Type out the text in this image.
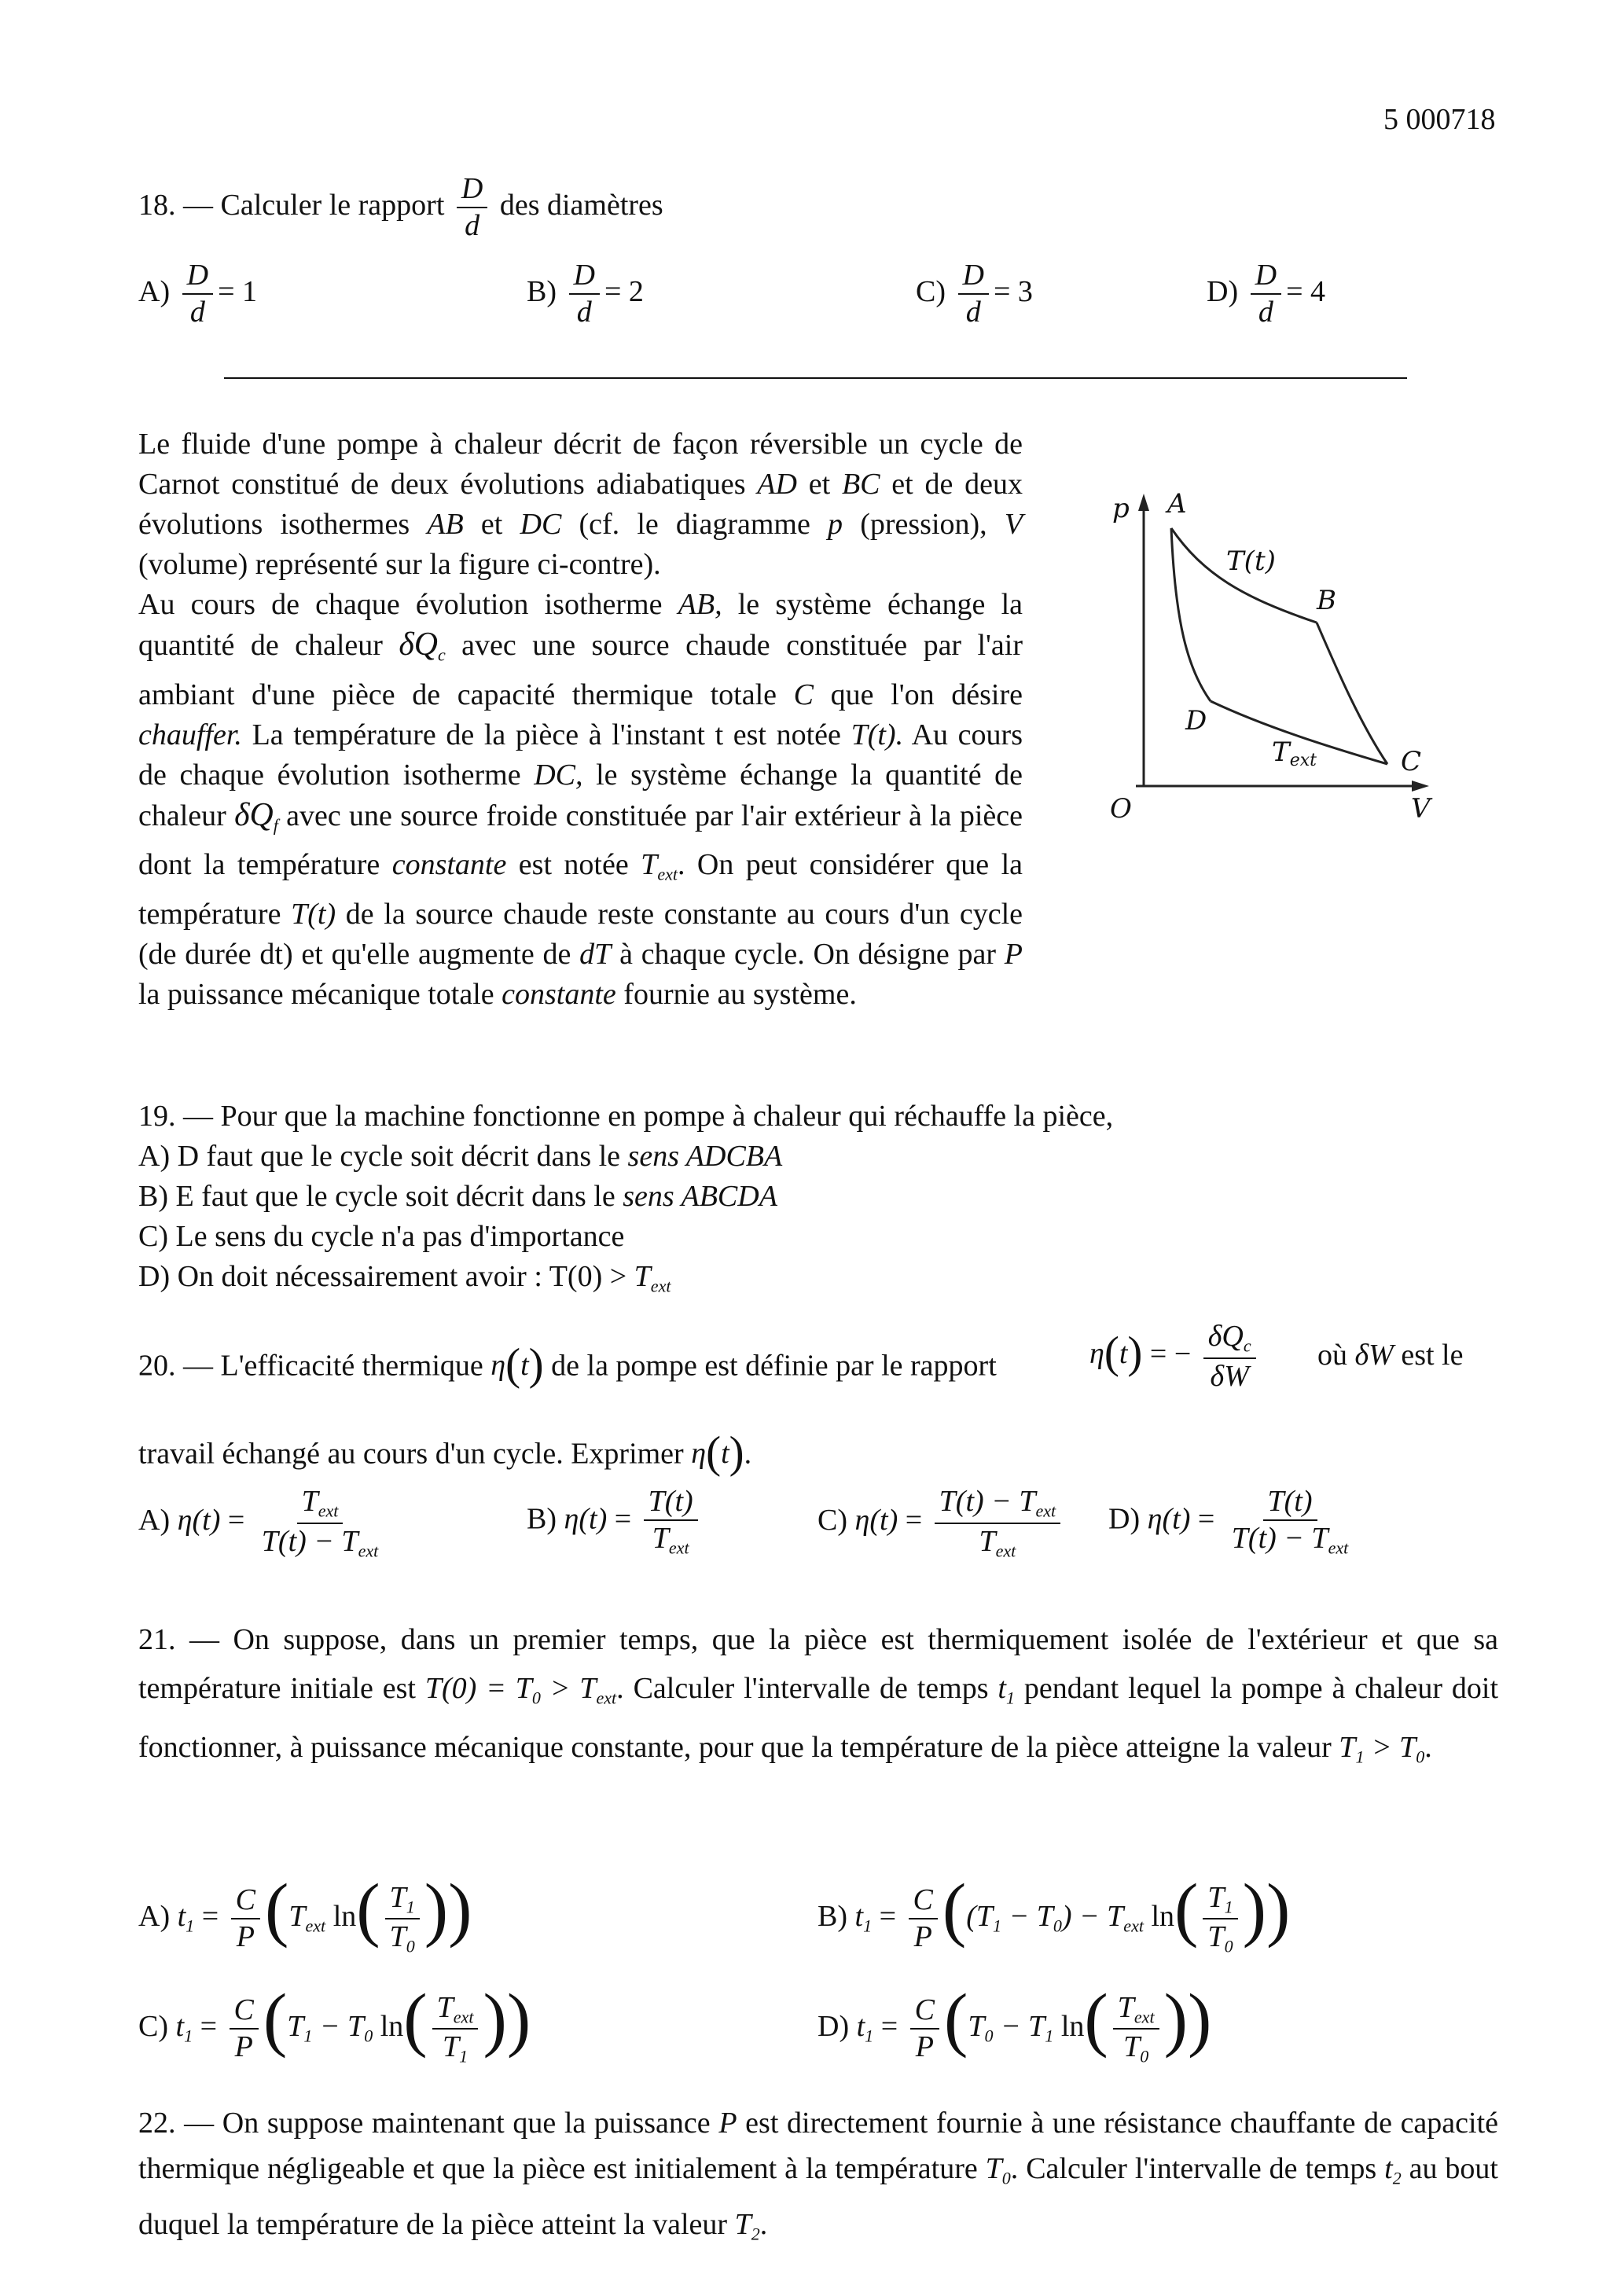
5 000718
18. — Calculer le rapport $\frac{D}{d}$ des diamètres
$A) \frac{D}{d} = 1$	$B) \frac{D}{d} = 2$	$C) \frac{D}{d} = 3$	$D) \frac{D}{d} = 4$
Le fluide d'une pompe à chaleur décrit de façon réversible un cycle de Carnot constitué de deux évolutions adiabatiques AD et BC et de deux évolutions isothermes AB et DC (cf. le diagramme p (pression), V (volume) représenté sur la figure ci-contre).
Au cours de chaque évolution isotherme AB, le système échange la quantité de chaleur $\delta Q_c$ avec une source chaude constituée par l'air ambiant d'une pièce de capacité thermique totale C que l'on désire chauffer. La température de la pièce à l'instant t est notée T(t). Au cours de chaque évolution isotherme DC, le système échange la quantité de chaleur $\delta Q_f$ avec une source froide constituée par l'air extérieur à la pièce dont la température constante est notée $T_{ext}$. On peut considérer que la température T(t) de la source chaude reste constante au cours d'un cycle (de durée dt) et qu'elle augmente de dT à chaque cycle. On désigne par P la puissance mécanique totale constante fournie au système.
p A
T(t)
B
D
Text	C
O	V
19. — Pour que la machine fonctionne en pompe à chaleur qui réchauffe la pièce,
A) D faut que le cycle soit décrit dans le sens ADCBA
B) E faut que le cycle soit décrit dans le sens ABCDA
C) Le sens du cycle n'a pas d'importance
D) On doit nécessairement avoir : $T(0) > T_{ext}$
20. — L'efficacité thermique η(t) de la pompe est définie par le rapport	η(t) = − $\frac{\delta Q_c}{\delta W}$ où δW est le
travail échangé au cours d'un cycle. Exprimer η(t).
A) $\eta(t) = \frac{T_{ext}}{T(t) - T_{ext}}$	B) $\eta(t) = \frac{T(t)}{T_{ext}}$	C) $\eta(t) = \frac{T(t) - T_{ext}}{T_{ext}} D$) $\eta(t) = \frac{T(t)}{T(t) - T_{ext}}$
21. — On suppose, dans un premier temps, que la pièce est thermiquement isolée de l'extérieur et que sa température initiale est $T(0) = T_0 > T_{ext}$. Calculer l'intervalle de temps $t_1$ pendant lequel la pompe à chaleur doit fonctionner, à puissance mécanique constante, pour que la température de la pièce atteigne la valeur $T_1 > T_0$.
A) $t_1 = \frac{C}{P} (T_{ext}$ $\ln( \frac{T_1}{T_0}$ ))	B) $t_1 = \frac{C}{P} ((T_1 - T_0) - T_{ext}$ $\ln( \frac{T_1}{T_0}$ ))
C) $t_1 = \frac{C}{P} (T_1 - T_0$ $\ln( \frac{T_{ext}}{T_1}$ ))	D) $t_1 = \frac{C}{P} (T_0 - T_1$ $\ln( \frac{T_{ext}}{T_0}$ ))
22. — On suppose maintenant que la puissance P est directement fournie à une résistance chauffante de capacité thermique négligeable et que la pièce est initialement à la température $T_0$. Calculer l'intervalle de temps $t_2$ au bout duquel la température de la pièce atteint la valeur $T_2$.
